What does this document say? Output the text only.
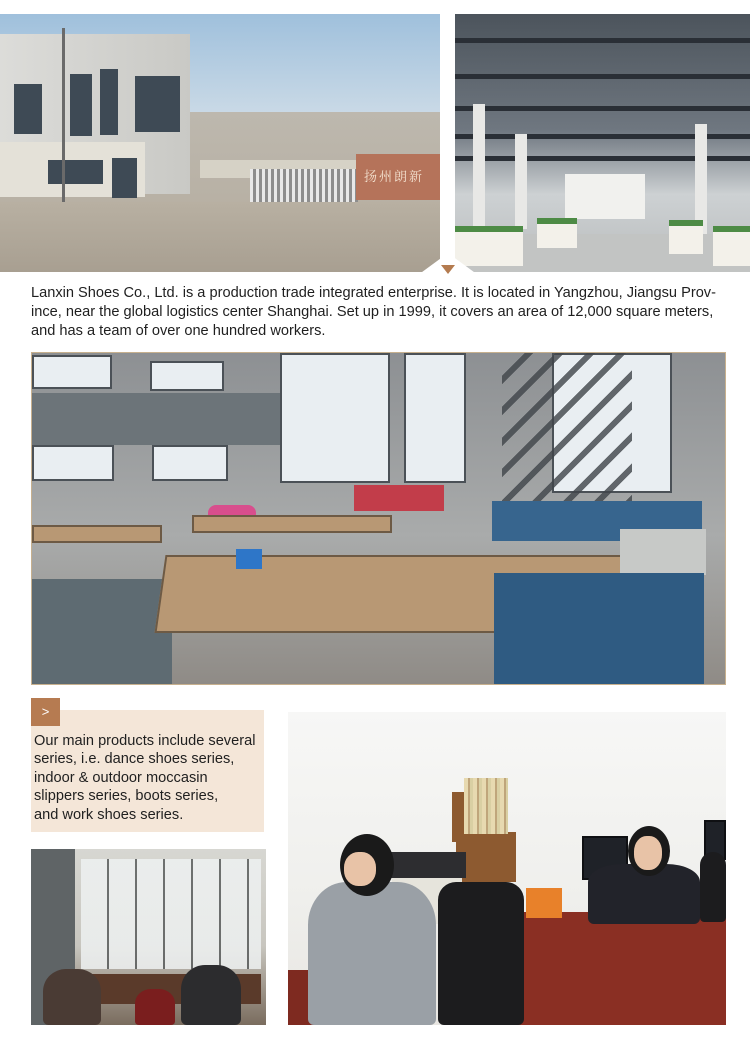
扬州朗新
Lanxin Shoes Co., Ltd. is a production trade integrated enterprise. It is located in Yangzhou, Jiangsu Prov-
ince, near the global logistics center Shanghai. Set up in 1999, it covers an area of 12,000 square meters,
and has a team of over one hundred workers.
>
Our main products include several
series, i.e. dance shoes series,
indoor & outdoor moccasin
slippers series, boots series,
and work shoes series.
